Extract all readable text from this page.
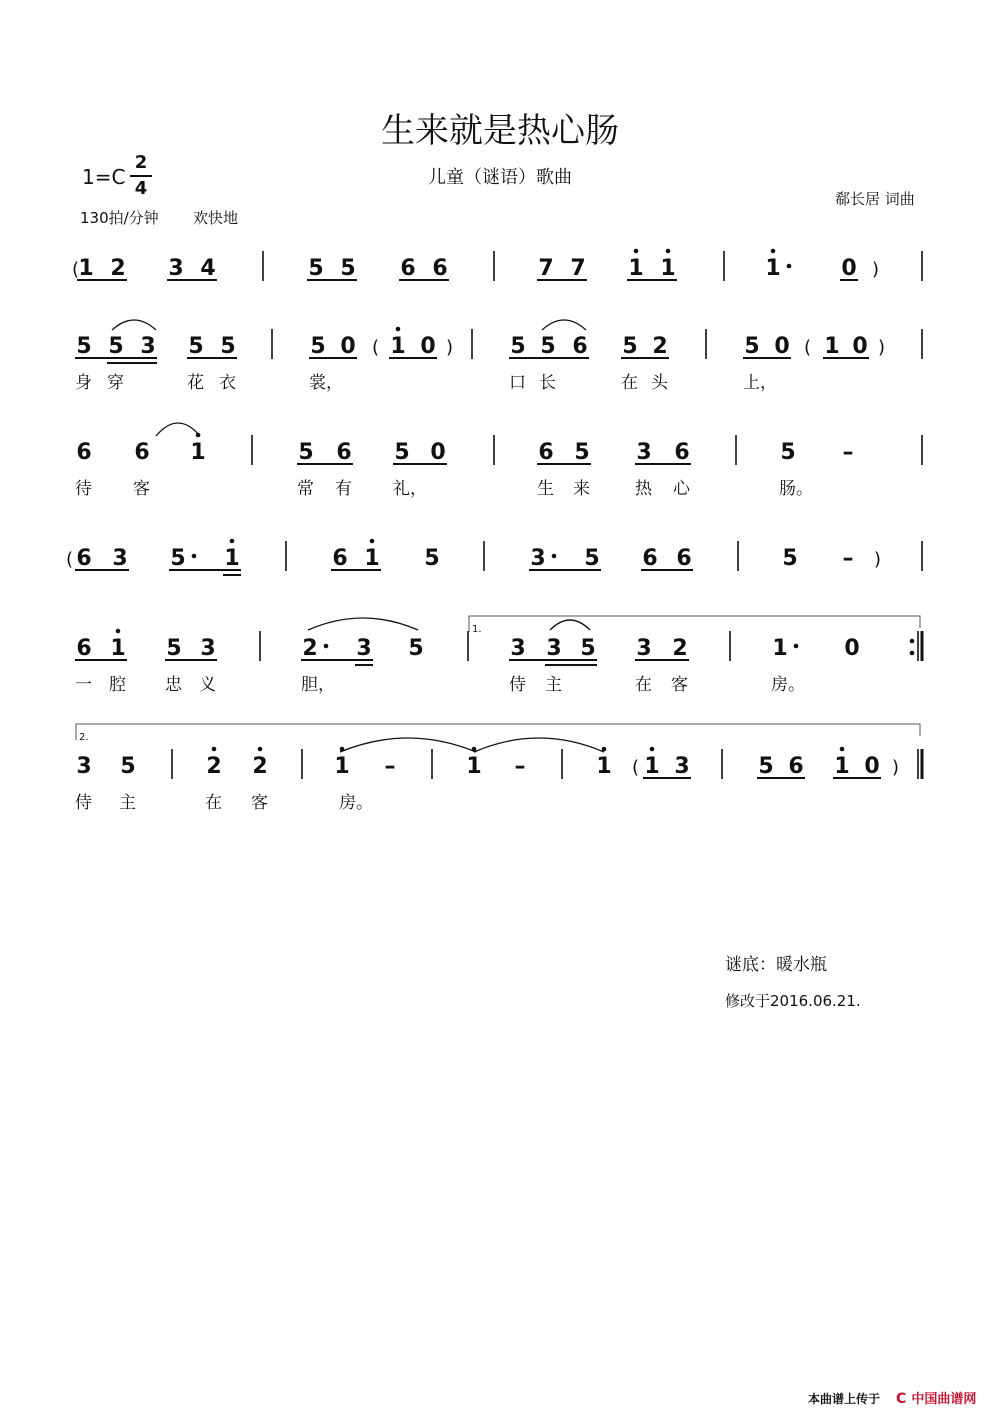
生来就是热心肠
儿童（谜语）歌曲
1=C
2
4
130拍/分钟 欢快地
郗长居 词曲
1 2 3 4	5 5 6 6	7 7 1 1	1	0
5 5 3 5 5	5 0 1 0	5 5 6 5 2	5 0 1 0
身 穿	花 衣	裳，	口 长	在 头	上，
6 6 1	5 6 5 0	6 5 3 6	5 –
待 客	常 有 礼，	生 来	热 心	肠。
6 3 5 1	6 1 5	3 5 6 6	5 –
6 1 5 3	2 3 5	3 3 5 3 2	1	0
一 腔 忠 义	胆，	侍 主	在 客	房。
3 5	2 2	1 –	1 –	1 1 3	5 6 1 0
侍 主	在 客	房。
(	)
(	)	(	)
(	)
(	)
1.
2.
谜底：暖水瓶
修改于2016.06.21.
本曲谱上传于 C 中国曲谱网
